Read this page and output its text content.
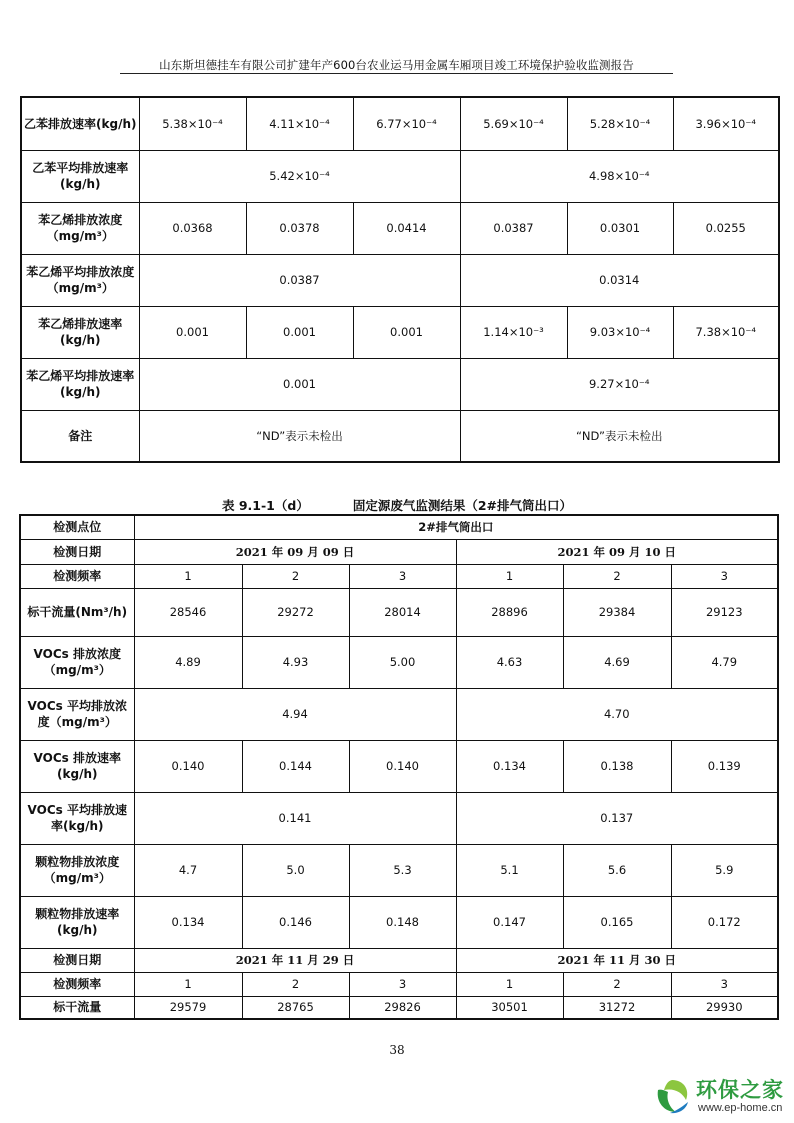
山东斯坦德挂车有限公司扩建年产600台农业运马用金属车厢项目竣工环境保护验收监测报告
乙苯排放速率(kg/h)	5.38×10⁻⁴	4.11×10⁻⁴	6.77×10⁻⁴	5.69×10⁻⁴	5.28×10⁻⁴	3.96×10⁻⁴
乙苯平均排放速率(kg/h)	5.42×10⁻⁴			4.98×10⁻⁴		
苯乙烯排放浓度（mg/m³）	0.0368	0.0378	0.0414	0.0387	0.0301	0.0255
苯乙烯平均排放浓度（mg/m³）	0.0387			0.0314		
苯乙烯排放速率(kg/h)	0.001	0.001	0.001	1.14×10⁻³	9.03×10⁻⁴	7.38×10⁻⁴
苯乙烯平均排放速率(kg/h)	0.001			9.27×10⁻⁴		
备注	“ND”表示未检出			“ND”表示未检出		
表 9.1-1（d）	固定源废气监测结果（2#排气筒出口）
检测点位	2#排气筒出口					
检测日期	2021 年 09 月 09 日			2021 年 09 月 10 日		
检测频率	1	2	3	1	2	3
标干流量(Nm³/h)	28546	29272	28014	28896	29384	29123
VOCs 排放浓度（mg/m³）	4.89	4.93	5.00	4.63	4.69	4.79
VOCs 平均排放浓度（mg/m³）	4.94			4.70		
VOCs 排放速率(kg/h)	0.140	0.144	0.140	0.134	0.138	0.139
VOCs 平均排放速率(kg/h)	0.141			0.137		
颗粒物排放浓度（mg/m³）	4.7	5.0	5.3	5.1	5.6	5.9
颗粒物排放速率(kg/h)	0.134	0.146	0.148	0.147	0.165	0.172
检测日期	2021 年 11 月 29 日			2021 年 11 月 30 日		
检测频率	1	2	3	1	2	3
标干流量	29579	28765	29826	30501	31272	29930
38
环保之家
www.ep-home.cn
